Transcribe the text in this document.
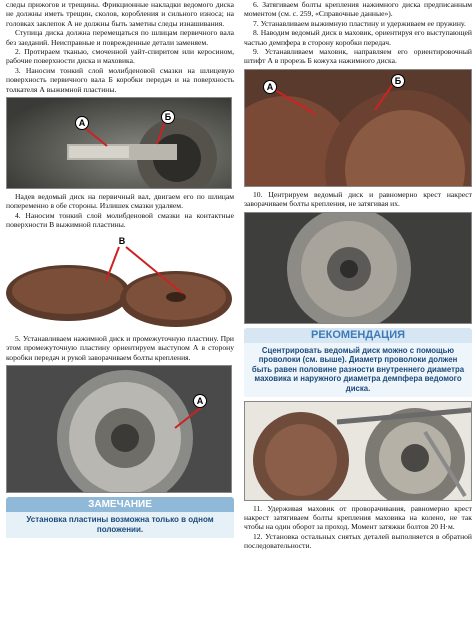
следы прижогов и трещины. Фрикционные накладки ведомого диска не должны иметь трещин, сколов, коробления и сильного износа; на головках заклепок А не должны быть заметны следы изнашивания.

Ступица диска должна перемещаться по шлицам первичного вала без заеданий. Неисправные и поврежденные детали заменяем.

2. Протираем тканью, смоченной уайт-спиритом или керосином, рабочие поверхности диска и маховика.

3. Наносим тонкий слой молибденовой смазки на шлицевую поверхность первичного вала Б коробки передач и на поверхность толкателя А выжимной пластины.

А
Б

Надев ведомый диск на первичный вал, двигаем его по шлицам попеременно в обе стороны. Излишек смазки удаляем.

4. Наносим тонкий слой молибденовой смазки на контактные поверхности В выжимной пластины.

В

5. Устанавливаем нажимной диск и промежуточную пластину. При этом промежуточную пластину ориентируем выступом А в сторону коробки передач и рукой заворачиваем болты крепления.

А
ЗАМЕЧАНИЕ
Установка пластины возможна только в одном положении.

6. Затягиваем болты крепления нажимного диска предписанным моментом (см. с. 259, «Справочные данные»).

7. Устанавливаем выжимную пластину и удерживаем ее пружину.

8. Наводим ведомый диск в маховик, ориентируя его выступающей частью демпфера в сторону коробки передач.

9. Устанавливаем маховик, направляем его ориентировочный штифт А в прорезь Б кожуха нажимного диска.

А
Б

10. Центрируем ведомый диск и равномерно крест накрест заворачиваем болты крепления, не затягивая их.

РЕКОМЕНДАЦИЯ
Сцентрировать ведомый диск можно с помощью проволоки (см. выше). Диаметр проволоки должен быть равен половине разности внутреннего диаметра маховика и наружного диаметра демпфера ведомого диска.

11. Удерживая маховик от проворачивания, равномерно крест накрест затягиваем болты крепления маховика на колено, не так чтобы на один оборот за проход. Момент затяжки болтов 20 Н·м.

12. Установка остальных снятых деталей выполняется в обратной последовательности.
